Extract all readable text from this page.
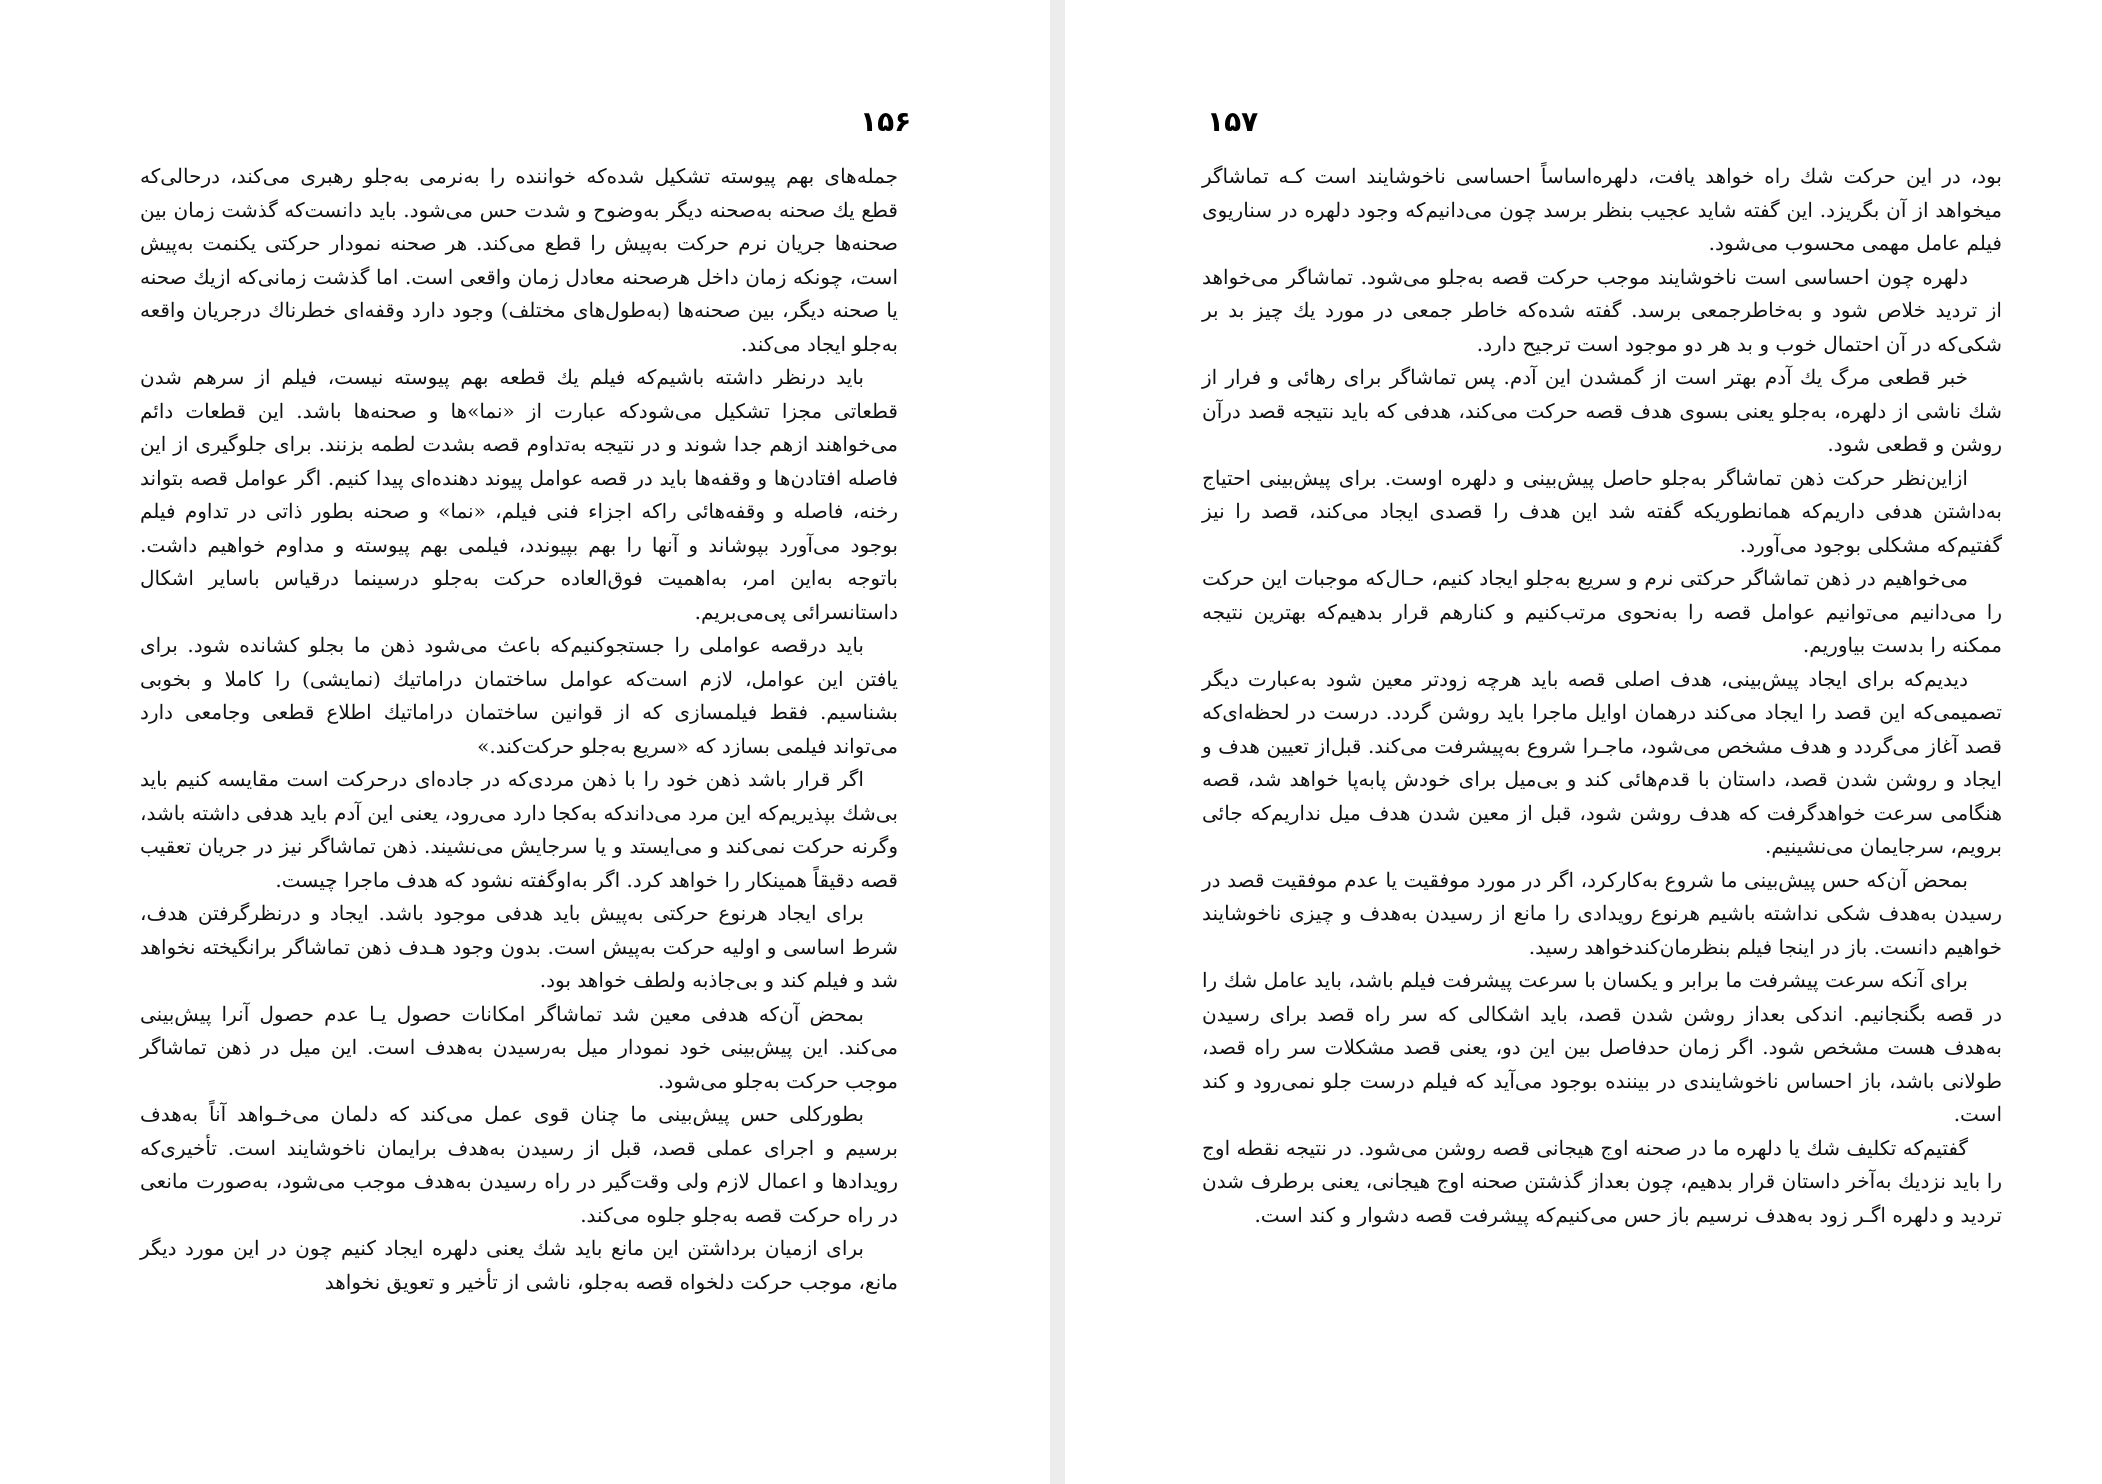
۱۵۶

جمله‌های بهم پیوسته تشکیل شده‌که خواننده را به‌نرمی به‌جلو رهبری می‌کند، درحالی‌که قطع یك صحنه به‌صحنه دیگر به‌وضوح و شدت حس می‌شود. باید دانست‌که گذشت زمان بین صحنه‌ها جریان نرم حرکت به‌پیش را قطع می‌کند. هر صحنه نمودار حرکتی یکنمت به‌پیش است، چونکه زمان داخل هرصحنه معادل زمان واقعی است. اما گذشت زمانی‌که ازیك صحنه یا صحنه دیگر، بین صحنه‌ها (به‌طول‌های مختلف) وجود دارد وقفه‌ای خطرناك درجریان واقعه به‌جلو ایجاد می‌کند.

باید درنظر داشته باشیم‌که فیلم یك قطعه بهم پیوسته نیست، فیلم از سرهم شدن قطعاتی مجزا تشکیل می‌شودکه عبارت از «نما»ها و صحنه‌ها باشد. این قطعات دائم می‌خواهند ازهم جدا شوند و در نتیجه به‌تداوم قصه بشدت لطمه بزنند. برای جلوگیری از این فاصله افتادن‌ها و وقفه‌ها باید در قصه عوامل پیوند دهنده‌ای پیدا کنیم. اگر عوامل قصه بتواند رخنه، فاصله و وقفه‌هائی راکه اجزاء فنی فیلم، «نما» و صحنه بطور ذاتی در تداوم فیلم بوجود می‌آورد بپوشاند و آنها را بهم بپیوندد، فیلمی بهم پیوسته و مداوم خواهیم داشت. باتوجه به‌این امر، به‌اهمیت فوق‌العاده حرکت به‌جلو درسینما درقیاس باسایر اشکال داستانسرائی پی‌می‌بریم.

باید درقصه عواملی را جستجوکنیم‌که باعث می‌شود ذهن ما بجلو کشانده شود. برای یافتن این عوامل، لازم است‌که عوامل ساختمان دراماتیك (نمایشی) را کاملا و بخوبی بشناسیم. فقط فیلمسازی که از قوانین ساختمان دراماتیك اطلاع قطعی وجامعی دارد می‌تواند فیلمی بسازد که «سریع به‌جلو حرکت‌کند.»

اگر قرار باشد ذهن خود را با ذهن مردی‌که در جاده‌ای درحرکت است مقایسه کنیم باید بی‌شك بپذیریم‌که این مرد می‌داندکه به‌کجا دارد می‌رود، یعنی این آدم باید هدفی داشته باشد، وگرنه حرکت نمی‌کند و می‌ایستد و یا سرجایش می‌نشیند. ذهن تماشاگر نیز در جریان تعقیب قصه دقیقاً همینکار را خواهد کرد. اگر به‌اوگفته نشود که هدف ماجرا چیست.

برای ایجاد هرنوع حرکتی به‌پیش باید هدفی موجود باشد. ایجاد و درنظرگرفتن هدف، شرط اساسی و اولیه حرکت به‌پیش است. بدون وجود هـدف ذهن تماشاگر برانگیخته نخواهد شد و فیلم کند و بی‌جاذبه ولطف خواهد بود.

بمحض آن‌که هدفی معین شد تماشاگر امکانات حصول یـا عدم حصول آنرا پیش‌بینی می‌کند. این پیش‌بینی خود نمودار میل به‌رسیدن به‌هدف است. این میل در ذهن تماشاگر موجب حرکت به‌جلو می‌شود.

بطورکلی حس پیش‌بینی ما چنان قوی عمل می‌کند که دلمان می‌خـواهد آناً به‌هدف برسیم و اجرای عملی قصد، قبل از رسیدن به‌هدف برایمان ناخوشایند است. تأخیری‌که رویدادها و اعمال لازم ولی وقت‌گیر در راه رسیدن به‌هدف موجب می‌شود، به‌صورت مانعی در راه حرکت قصه به‌جلو جلوه می‌کند.

برای ازمیان برداشتن این مانع باید شك یعنی دلهره ایجاد کنیم چون در این مورد دیگر مانع، موجب حرکت دلخواه قصه به‌جلو، ناشی از تأخیر و تعویق نخواهد

۱۵۷

بود، در این حرکت شك راه خواهد یافت، دلهره‌اساساً احساسی ناخوشایند است کـه تماشاگر میخواهد از آن بگریزد. این گفته شاید عجیب بنظر برسد چون می‌دانیم‌که وجود دلهره در سناریوی فیلم عامل مهمی محسوب می‌شود.

دلهره چون احساسی است ناخوشایند موجب حرکت قصه به‌جلو می‌شود. تماشاگر می‌خواهد از تردید خلاص شود و به‌خاطرجمعی برسد. گفته شده‌که خاطر جمعی در مورد یك چیز بد بر شکی‌که در آن احتمال خوب و بد هر دو موجود است ترجیح دارد.

خبر قطعی مرگ یك آدم بهتر است از گمشدن این آدم. پس تماشاگر برای رهائی و فرار از شك ناشی از دلهره، به‌جلو یعنی بسوی هدف قصه حرکت می‌کند، هدفی که باید نتیجه قصد درآن روشن و قطعی شود.

ازاین‌نظر حرکت ذهن تماشاگر به‌جلو حاصل پیش‌بینی و دلهره اوست. برای پیش‌بینی احتیاج به‌داشتن هدفی داریم‌که همانطوریکه گفته شد این هدف را قصدی ایجاد می‌کند، قصد را نیز گفتیم‌که مشکلی بوجود می‌آورد.

می‌خواهیم در ذهن تماشاگر حرکتی نرم و سریع به‌جلو ایجاد کنیم، حـال‌که موجبات این حرکت را می‌دانیم می‌توانیم عوامل قصه را به‌نحوی مرتب‌کنیم و کنارهم قرار بدهیم‌که بهترین نتیجه ممکنه را بدست بیاوریم.

دیدیم‌که برای ایجاد پیش‌بینی، هدف اصلی قصه باید هرچه زودتر معین شود به‌عبارت دیگر تصمیمی‌که این قصد را ایجاد می‌کند درهمان اوایل ماجرا باید روشن گردد. درست در لحظه‌ای‌که قصد آغاز می‌گردد و هدف مشخص می‌شود، ماجـرا شروع به‌پیشرفت می‌کند. قبل‌از تعیین هدف و ایجاد و روشن شدن قصد، داستان با قدم‌هائی کند و بی‌میل برای خودش پابه‌پا خواهد شد، قصه هنگامی سرعت خواهدگرفت که هدف روشن شود، قبل از معین شدن هدف میل نداریم‌که جائی برویم، سرجایمان می‌نشینیم.

بمحض آن‌که حس پیش‌بینی ما شروع به‌کارکرد، اگر در مورد موفقیت یا عدم موفقیت قصد در رسیدن به‌هدف شکی نداشته باشیم هرنوع رویدادی را مانع از رسیدن به‌هدف و چیزی ناخوشایند خواهیم دانست. باز در اینجا فیلم بنظرمان‌کندخواهد رسید.

برای آنکه سرعت پیشرفت ما برابر و یکسان با سرعت پیشرفت فیلم باشد، باید عامل شك را در قصه بگنجانیم. اندکی بعداز روشن شدن قصد، باید اشکالی که سر راه قصد برای رسیدن به‌هدف هست مشخص شود. اگر زمان حدفاصل بین این دو، یعنی قصد مشکلات سر راه قصد، طولانی باشد، باز احساس ناخوشایندی در بیننده بوجود می‌آید که فیلم درست جلو نمی‌رود و کند است.

گفتیم‌که تکلیف شك یا دلهره ما در صحنه اوج هیجانی قصه روشن می‌شود. در نتیجه نقطه اوج را باید نزدیك به‌آخر داستان قرار بدهیم، چون بعداز گذشتن صحنه اوج هیجانی، یعنی برطرف شدن تردید و دلهره اگـر زود به‌هدف نرسیم باز حس می‌کنیم‌که پیشرفت قصه دشوار و کند است.
